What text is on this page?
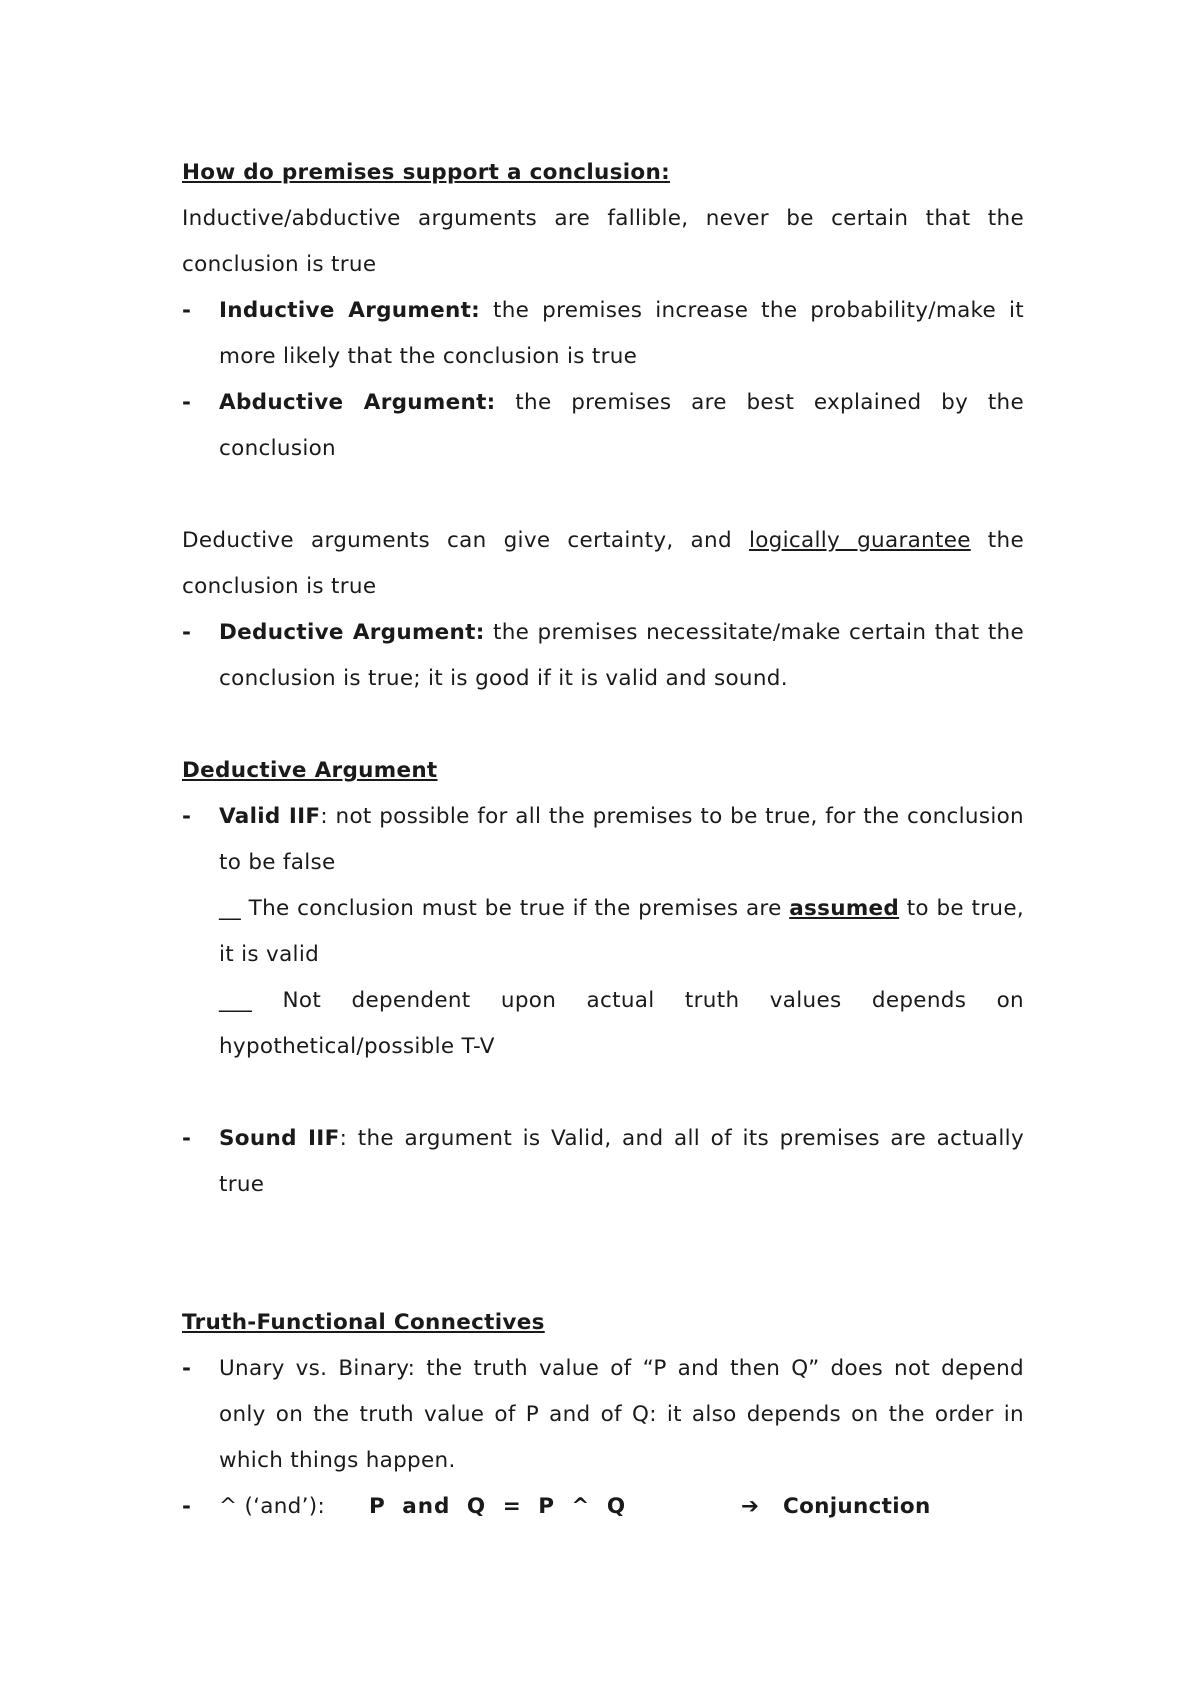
How do premises support a conclusion:

Inductive/abductive arguments are fallible, never be certain that the conclusion is true

- Inductive Argument: the premises increase the probability/make it more likely that the conclusion is true
- Abductive Argument: the premises are best explained by the conclusion

Deductive arguments can give certainty, and logically guarantee the conclusion is true

- Deductive Argument: the premises necessitate/make certain that the conclusion is true; it is good if it is valid and sound.

Deductive Argument

- Valid IIF: not possible for all the premises to be true, for the conclusion to be false

__ The conclusion must be true if the premises are assumed to be true, it is valid

___ Not dependent upon actual truth values depends on hypothetical/possible T-V

- Sound IIF: the argument is Valid, and all of its premises are actually true

Truth-Functional Connectives

- Unary vs. Binary: the truth value of “P and then Q” does not depend only on the truth value of P and of Q: it also depends on the order in which things happen.
- ^ (‘and’):	P and Q = P ^ Q	➔	Conjunction
